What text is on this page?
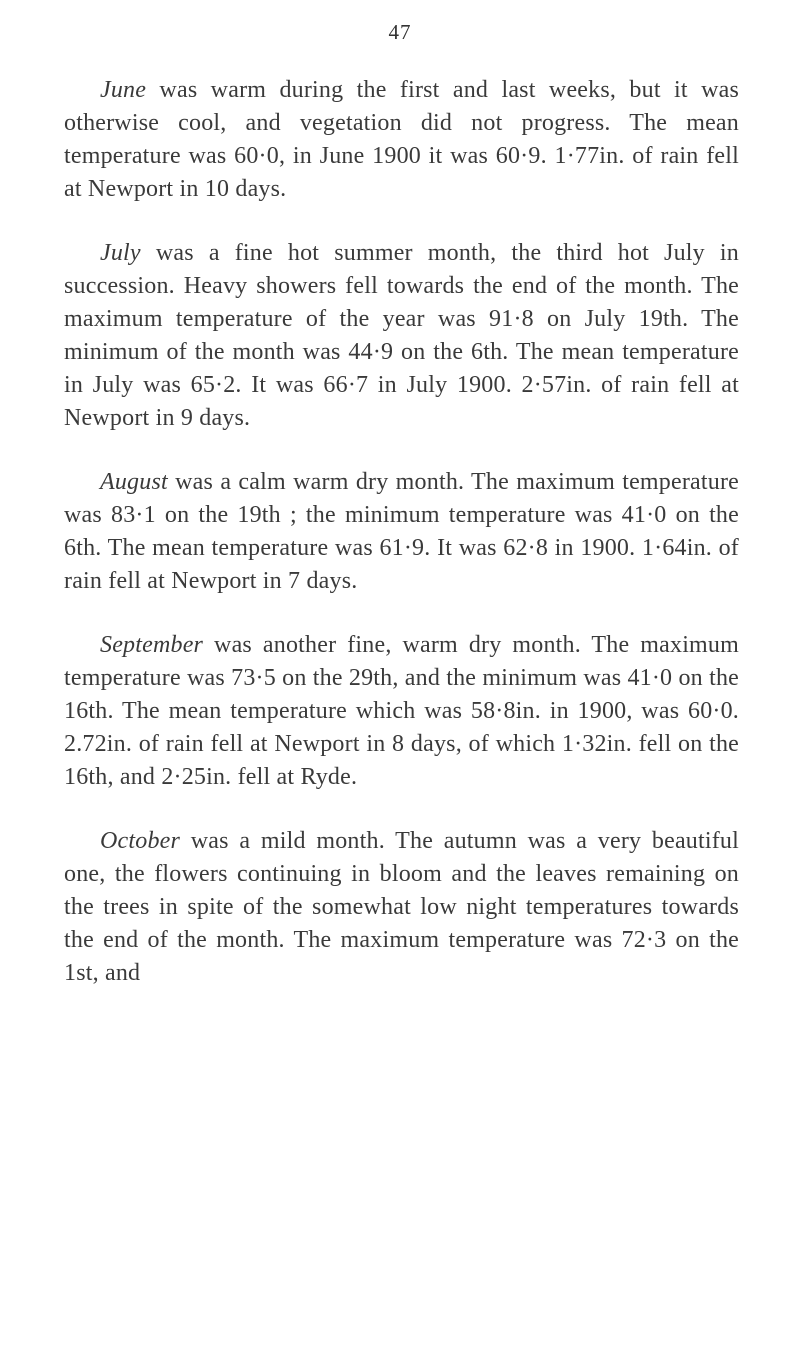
47

June was warm during the first and last weeks, but it was otherwise cool, and vegetation did not progress. The mean temperature was 60·0, in June 1900 it was 60·9. 1·77in. of rain fell at Newport in 10 days.

July was a fine hot summer month, the third hot July in succession. Heavy showers fell towards the end of the month. The maximum temperature of the year was 91·8 on July 19th. The minimum of the month was 44·9 on the 6th. The mean temperature in July was 65·2. It was 66·7 in July 1900. 2·57in. of rain fell at Newport in 9 days.

August was a calm warm dry month. The maximum temperature was 83·1 on the 19th ; the minimum temperature was 41·0 on the 6th. The mean temperature was 61·9. It was 62·8 in 1900. 1·64in. of rain fell at Newport in 7 days.

September was another fine, warm dry month. The maximum temperature was 73·5 on the 29th, and the minimum was 41·0 on the 16th. The mean temperature which was 58·8in. in 1900, was 60·0. 2.72in. of rain fell at Newport in 8 days, of which 1·32in. fell on the 16th, and 2·25in. fell at Ryde.

October was a mild month. The autumn was a very beautiful one, the flowers continuing in bloom and the leaves remaining on the trees in spite of the somewhat low night temperatures towards the end of the month. The maximum temperature was 72·3 on the 1st, and
